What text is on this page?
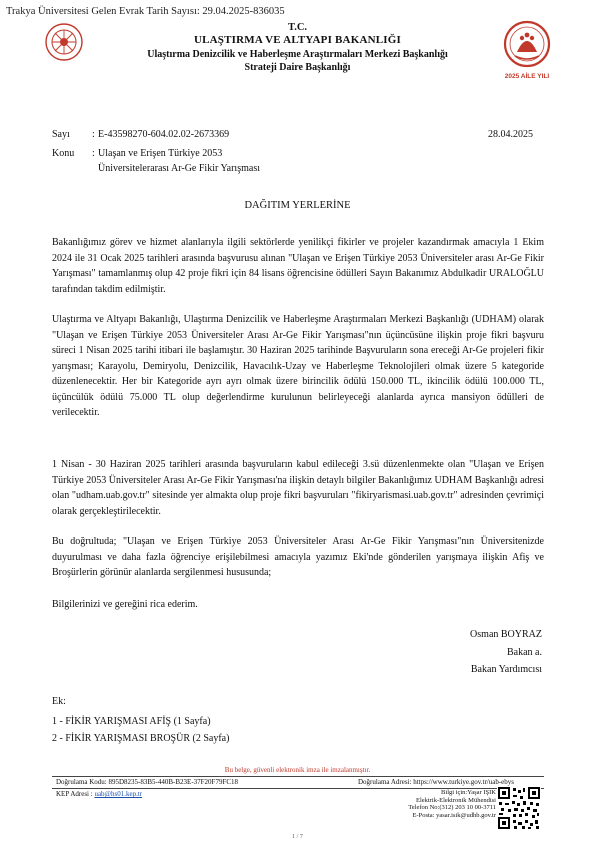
Trakya Üniversitesi Gelen Evrak Tarih Sayısı: 29.04.2025-836035
T.C.
ULAŞTIRMA VE ALTYAPI BAKANLIĞI
Ulaştırma Denizcilik ve Haberleşme Araştırmaları Merkezi Başkanlığı
Strateji Daire Başkanlığı
2025 AİLE YILI
Sayı : E-43598270-604.02.02-2673369	28.04.2025
Konu : Ulaşan ve Erişen Türkiye 2053
Üniversitelerarası Ar-Ge Fikir Yarışması
DAĞITIM YERLERİNE
Bakanlığımız görev ve hizmet alanlarıyla ilgili sektörlerde yenilikçi fikirler ve projeler kazandırmak amacıyla 1 Ekim 2024 ile 31 Ocak 2025 tarihleri arasında başvurusu alınan "Ulaşan ve Erişen Türkiye 2053 Üniversiteler arası Ar-Ge Fikir Yarışması" tamamlanmış olup 42 proje fikri için 84 lisans öğrencisine ödülleri Sayın Bakanımız Abdulkadir URALOĞLU tarafından takdim edilmiştir.
Ulaştırma ve Altyapı Bakanlığı, Ulaştırma Denizcilik ve Haberleşme Araştırmaları Merkezi Başkanlığı (UDHAM) olarak "Ulaşan ve Erişen Türkiye 2053 Üniversiteler Arası Ar-Ge Fikir Yarışması"nın üçüncüsüne ilişkin proje fikri başvuru süreci 1 Nisan 2025 tarihi itibari ile başlamıştır. 30 Haziran 2025 tarihinde Başvuruların sona ereceği Ar-Ge projeleri fikir yarışması; Karayolu, Demiryolu, Denizcilik, Havacılık-Uzay ve Haberleşme Teknolojileri olmak üzere 5 kategoride düzenlenecektir. Her bir Kategoride ayrı ayrı olmak üzere birincilik ödülü 150.000 TL, ikincilik ödülü 100.000 TL, üçüncülük ödülü 75.000 TL olup değerlendirme kurulunun belirleyeceği alanlarda ayrıca mansiyon ödülleri de verilecektir.
1 Nisan - 30 Haziran 2025 tarihleri arasında başvuruların kabul edileceği 3.sü düzenlenmekte olan "Ulaşan ve Erişen Türkiye 2053 Üniversiteler Arası Ar-Ge Fikir Yarışması'na ilişkin detaylı bilgiler Bakanlığımız UDHAM Başkanlığı adresi olan "udham.uab.gov.tr" sitesinde yer almakta olup proje fikri başvuruları "fikiryarismasi.uab.gov.tr" adresinden çevrimiçi olarak gerçekleştirilecektir.
Bu doğrultuda; "Ulaşan ve Erişen Türkiye 2053 Üniversiteler Arası Ar-Ge Fikir Yarışması"nın Üniversitenizde duyurulması ve daha fazla öğrenciye erişilebilmesi amacıyla yazımız Eki'nde gönderilen yarışmaya ilişkin Afiş ve Broşürlerin görünür alanlarda sergilenmesi hususunda;
Bilgilerinizi ve gereğini rica ederim.
Osman BOYRAZ
Bakan a.
Bakan Yardımcısı
Ek:
1 - FİKİR YARIŞMASI AFİŞ (1 Sayfa)
2 - FİKİR YARIŞMASI BROŞÜR (2 Sayfa)
Bu belge, güvenli elektronik imza ile imzalanmıştır.
Doğrulama Kodu: 895D8235-83B5-440B-B23E-37F20F79FC18	Doğrulama Adresi: https://www.turkiye.gov.tr/uab-ebys
KEP Adresi : uab@hs01.kep.tr	Bilgi için:Yaşar IŞIK
Elektrik-Elektronik Mühendisi
Telefon No:(312) 203 10 00-3711
E-Posta: yasar.isik@udhb.gov.tr
1 / 7
